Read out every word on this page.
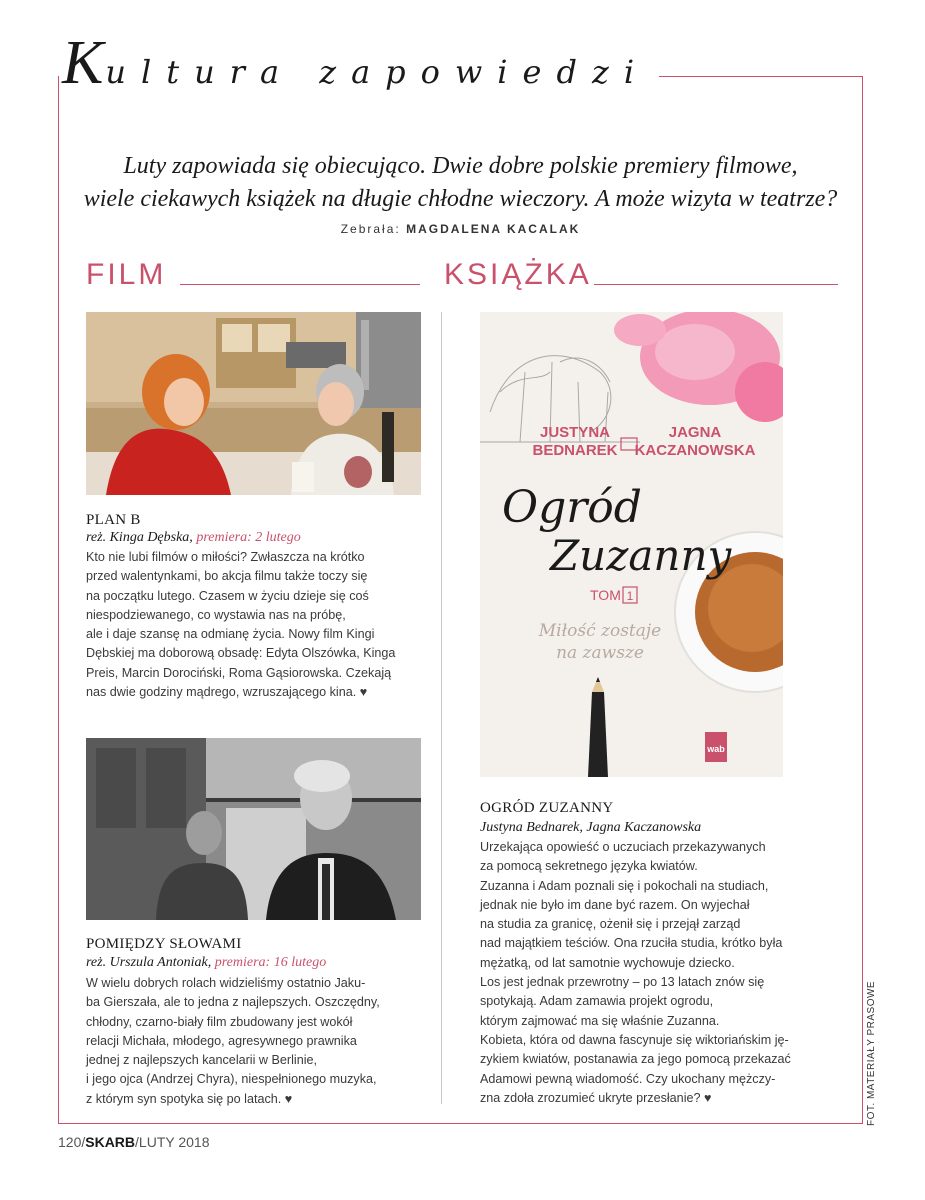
Kultura zapowiedzi
Luty zapowiada się obiecująco. Dwie dobre polskie premiery filmowe,
wiele ciekawych książek na długie chłodne wieczory. A może wizyta w teatrze?
Zebrała: MAGDALENA KACALAK
FILM	KSIĄŻKA
PLAN B
reż. Kinga Dębska, premiera: 2 lutego
Kto nie lubi filmów o miłości? Zwłaszcza na krótko
przed walentynkami, bo akcja filmu także toczy się
na początku lutego. Czasem w życiu dzieje się coś
niespodziewanego, co wystawia nas na próbę,
ale i daje szansę na odmianę życia. Nowy film Kingi
Dębskiej ma doborową obsadę: Edyta Olszówka, Kinga
Preis, Marcin Dorociński, Roma Gąsiorowska. Czekają
nas dwie godziny mądrego, wzruszającego kina. ♥
POMIĘDZY SŁOWAMI
reż. Urszula Antoniak, premiera: 16 lutego
W wielu dobrych rolach widzieliśmy ostatnio Jaku-
ba Gierszała, ale to jedna z najlepszych. Oszczędny,
chłodny, czarno-biały film zbudowany jest wokół
relacji Michała, młodego, agresywnego prawnika
jednej z najlepszych kancelarii w Berlinie,
i jego ojca (Andrzej Chyra), niespełnionego muzyka,
z którym syn spotyka się po latach. ♥
wab
JUSTYNA
BEDNAREK
JAGNA
KACZANOWSKA
Ogród
Zuzanny
TOM 1
Miłość zostaje
na zawsze
OGRÓD ZUZANNY
Justyna Bednarek, Jagna Kaczanowska
Urzekająca opowieść o uczuciach przekazywanych
za pomocą sekretnego języka kwiatów.
Zuzanna i Adam poznali się i pokochali na studiach,
jednak nie było im dane być razem. On wyjechał
na studia za granicę, ożenił się i przejął zarząd
nad majątkiem teściów. Ona rzuciła studia, krótko była
mężatką, od lat samotnie wychowuje dziecko.
Los jest jednak przewrotny – po 13 latach znów się
spotykają. Adam zamawia projekt ogrodu,
którym zajmować ma się właśnie Zuzanna.
Kobieta, która od dawna fascynuje się wiktoriańskim ję-
zykiem kwiatów, postanawia za jego pomocą przekazać
Adamowi pewną wiadomość. Czy ukochany mężczy-
zna zdoła zrozumieć ukryte przesłanie? ♥
120/SKARB/LUTY 2018
FOT. MATERIAŁY PRASOWE
